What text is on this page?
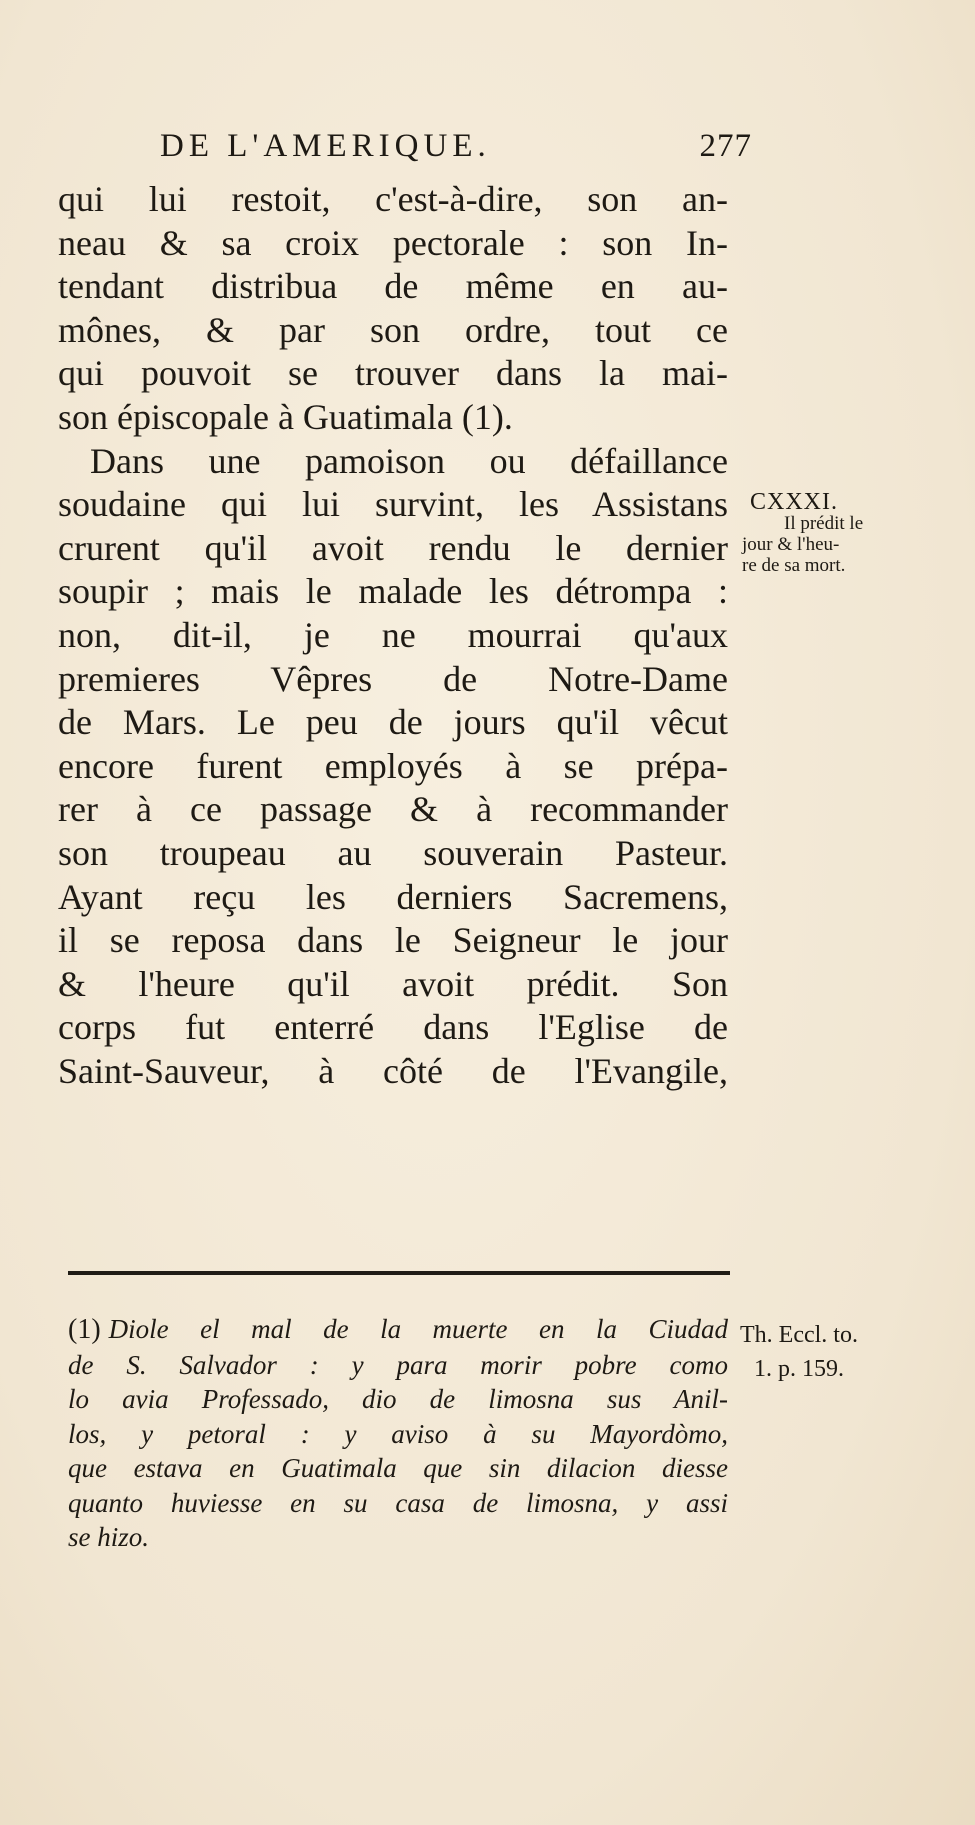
DE L'AMERIQUE.	277
qui lui restoit, c'est-à-dire, son an-
neau & sa croix pectorale : son In-
tendant distribua de même en au-
mônes, & par son ordre, tout ce
qui pouvoit se trouver dans la mai-
son épiscopale à Guatimala (1).
Dans une pamoison ou défaillance
soudaine qui lui survint, les Assistans
crurent qu'il avoit rendu le dernier
soupir ; mais le malade les détrompa :
non, dit-il, je ne mourrai qu'aux
premieres Vêpres de Notre-Dame
de Mars. Le peu de jours qu'il vêcut
encore furent employés à se prépa-
rer à ce passage & à recommander
son troupeau au souverain Pasteur.
Ayant reçu les derniers Sacremens,
il se reposa dans le Seigneur le jour
& l'heure qu'il avoit prédit. Son
corps fut enterré dans l'Eglise de
Saint-Sauveur, à côté de l'Evangile,
CXXXI.
Il prédit le
jour & l'heu-
re de sa mort.
(1) Diole el mal de la muerte en la Ciudad
de S. Salvador : y para morir pobre como
lo avia Professado, dio de limosna sus Anil-
los, y petoral : y aviso à su Mayordòmo,
que estava en Guatimala que sin dilacion diesse
quanto huviesse en su casa de limosna, y assi
se hizo.
Th. Eccl. to.
1. p. 159.
